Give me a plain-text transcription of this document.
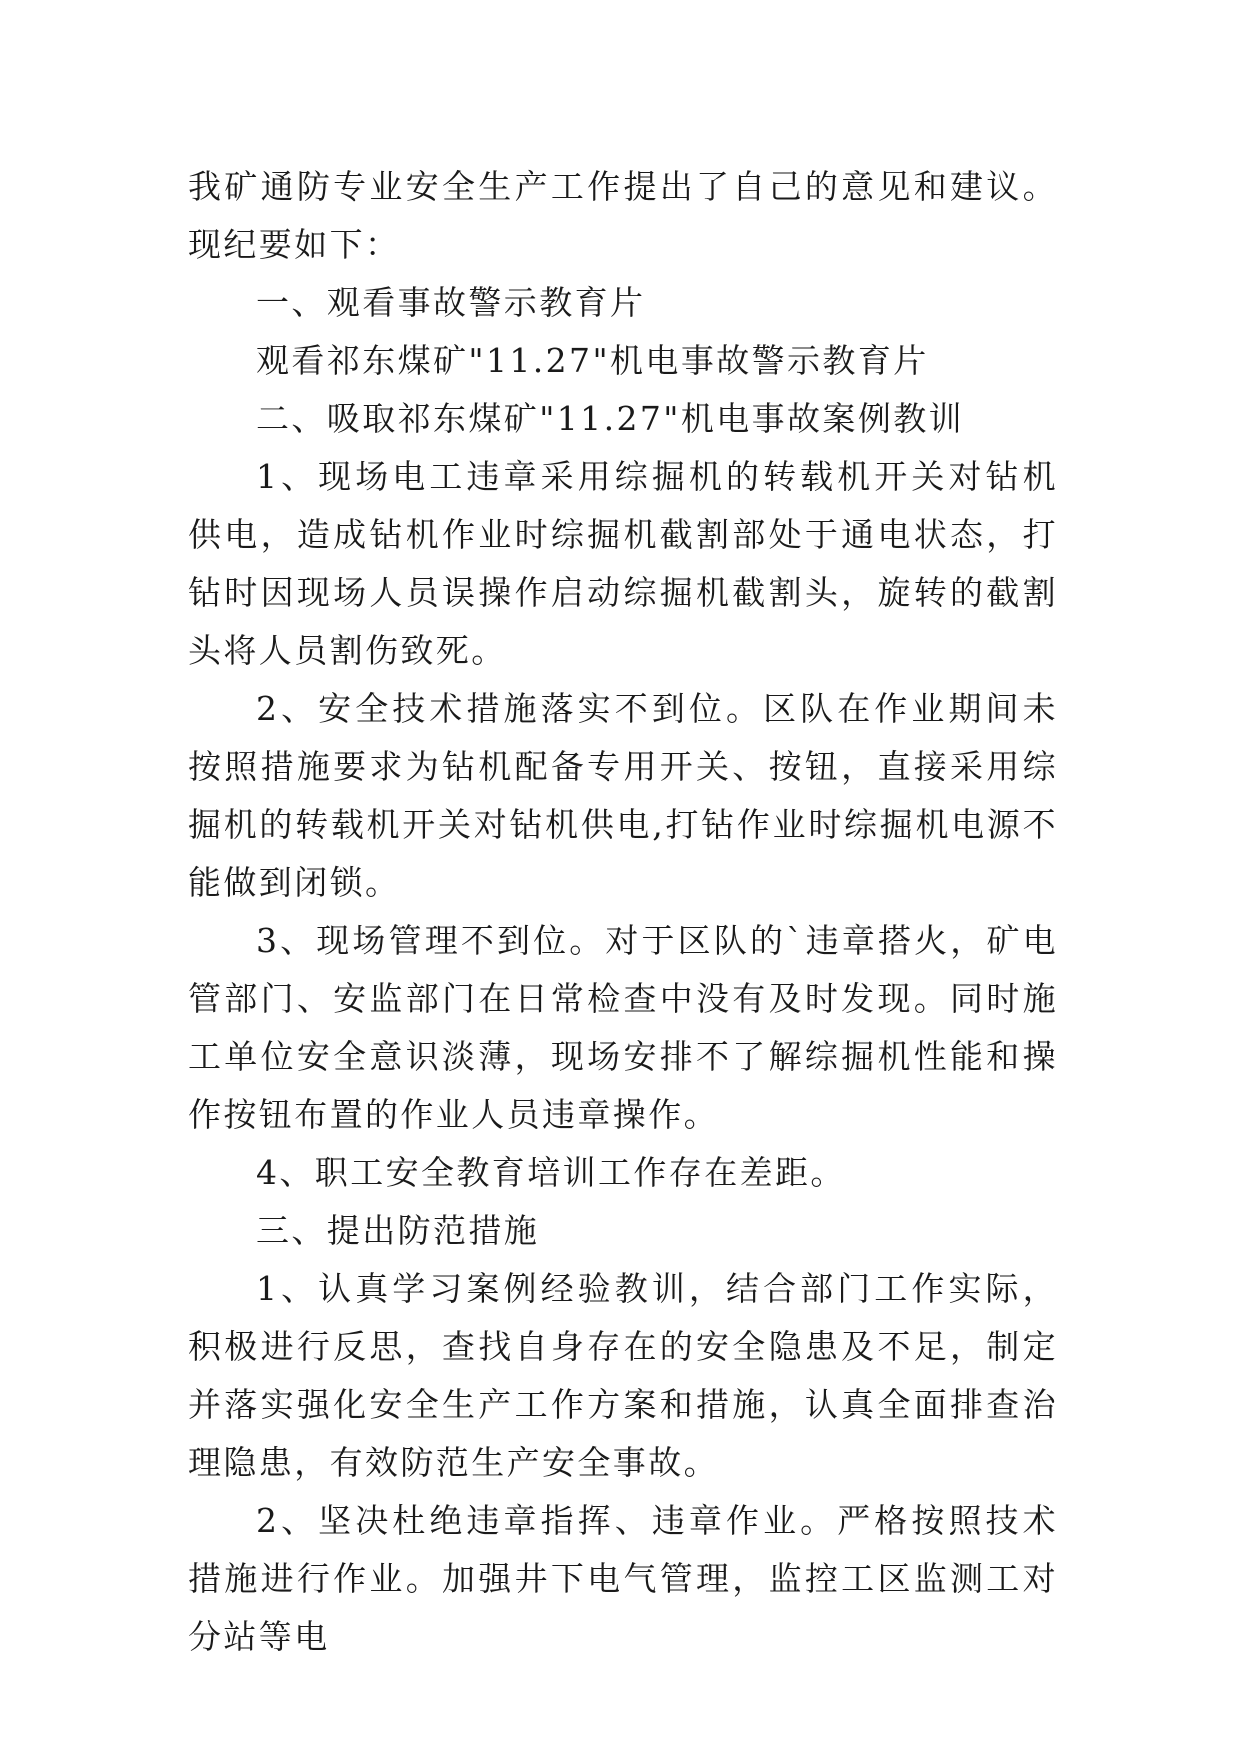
我矿通防专业安全生产工作提出了自己的意见和建议。现纪要如下：

一、观看事故警示教育片

观看祁东煤矿"11.27"机电事故警示教育片

二、吸取祁东煤矿"11.27"机电事故案例教训

1、现场电工违章采用综掘机的转载机开关对钻机供电，造成钻机作业时综掘机截割部处于通电状态，打钻时因现场人员误操作启动综掘机截割头，旋转的截割头将人员割伤致死。

2、安全技术措施落实不到位。区队在作业期间未按照措施要求为钻机配备专用开关、按钮，直接采用综掘机的转载机开关对钻机供电,打钻作业时综掘机电源不能做到闭锁。

3、现场管理不到位。对于区队的`违章搭火，矿电管部门、安监部门在日常检查中没有及时发现。同时施工单位安全意识淡薄，现场安排不了解综掘机性能和操作按钮布置的作业人员违章操作。

4、职工安全教育培训工作存在差距。

三、提出防范措施

1、认真学习案例经验教训，结合部门工作实际，积极进行反思，查找自身存在的安全隐患及不足，制定并落实强化安全生产工作方案和措施，认真全面排查治理隐患，有效防范生产安全事故。

2、坚决杜绝违章指挥、违章作业。严格按照技术措施进行作业。加强井下电气管理，监控工区监测工对分站等电
